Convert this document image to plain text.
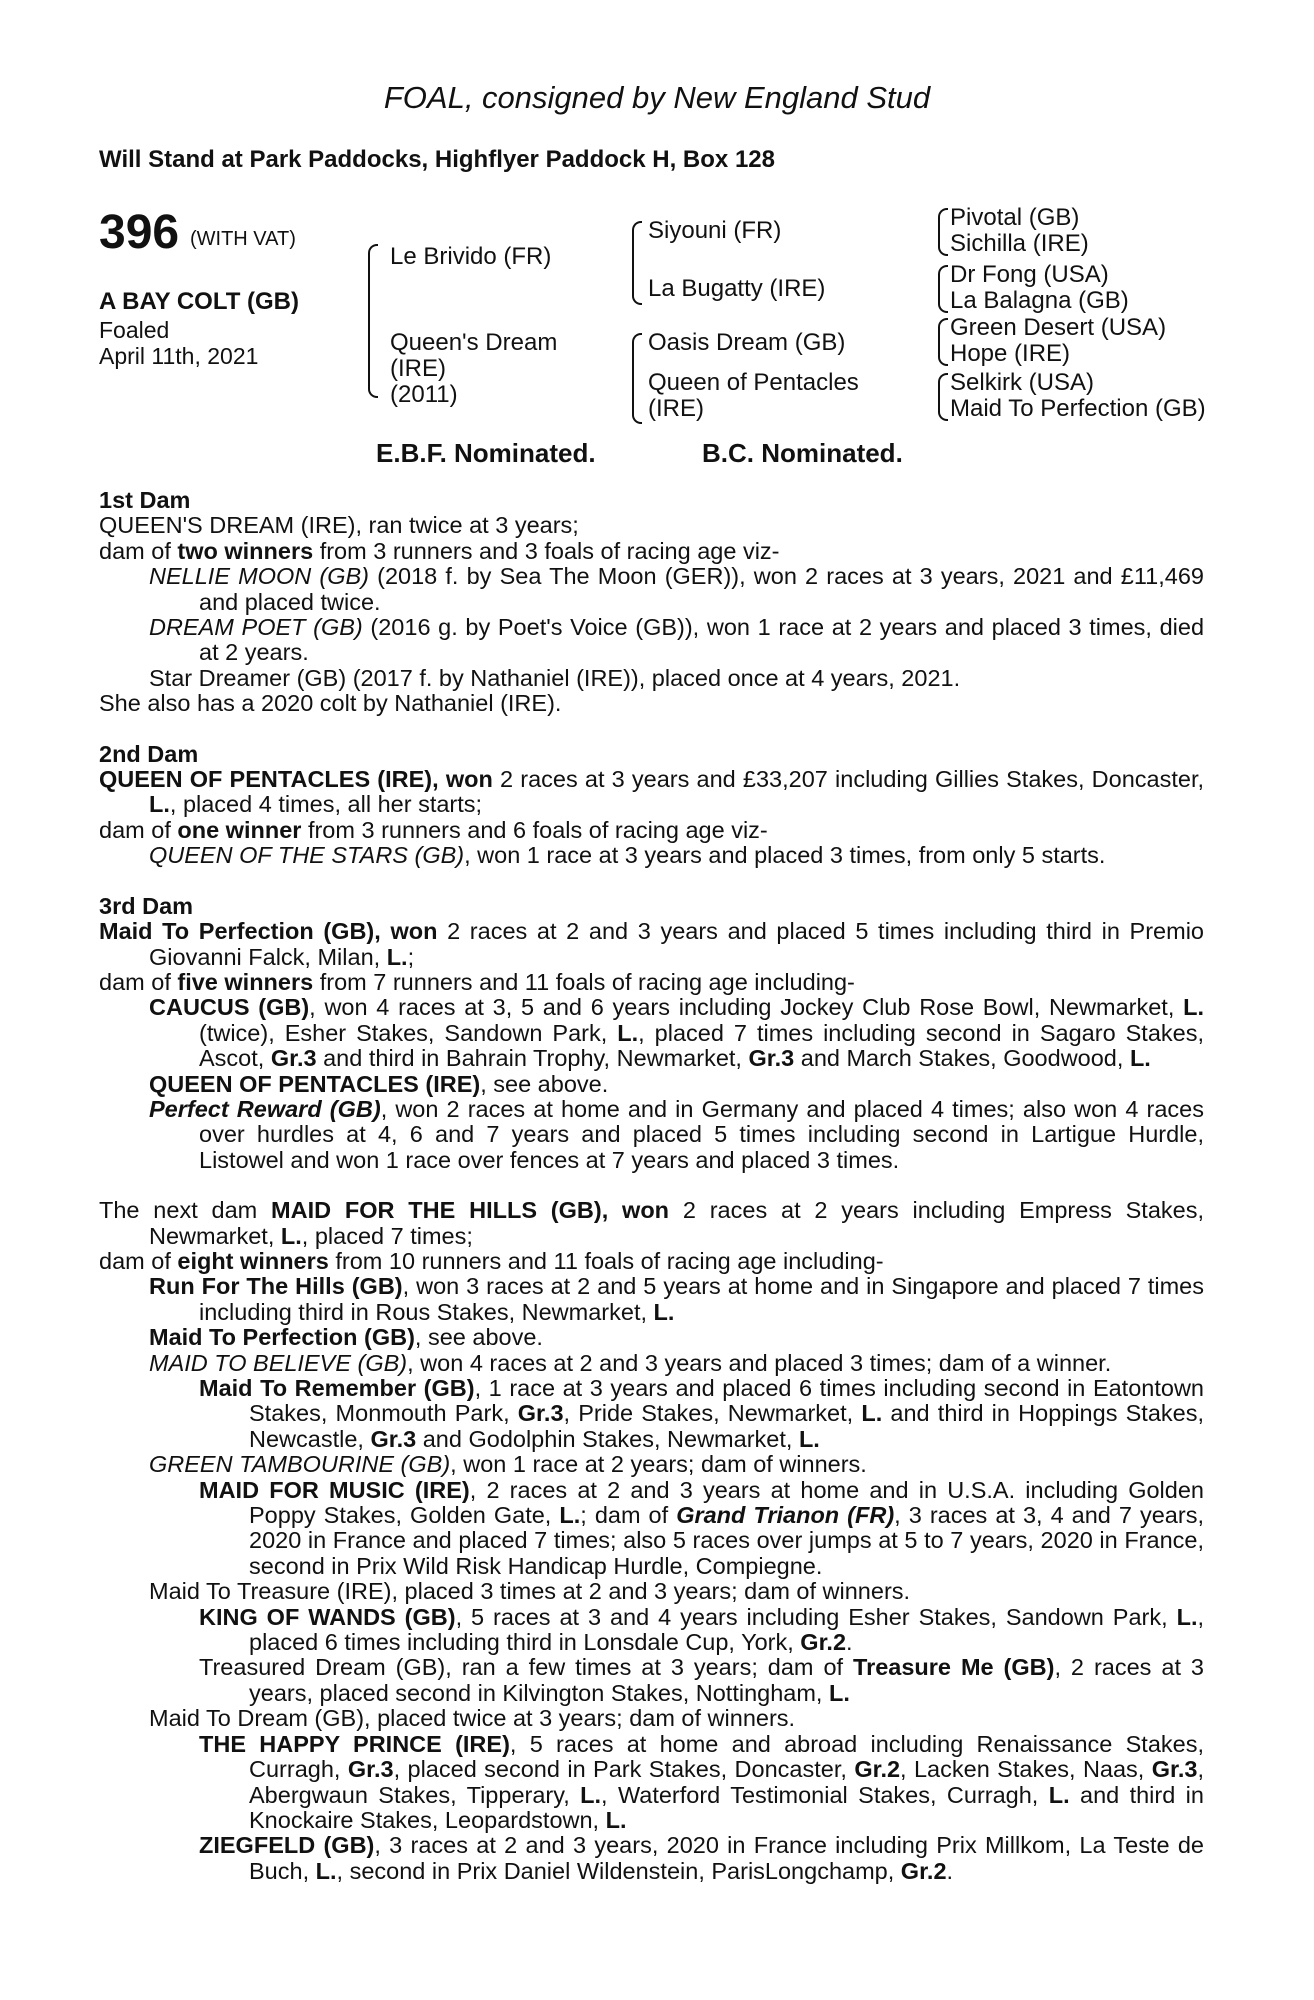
FOAL, consigned by New England Stud
Will Stand at Park Paddocks, Highflyer Paddock H, Box 128
396 (WITH VAT)
A BAY COLT (GB)
Foaled
April 11th, 2021
Le Brivido (FR)
Queen's Dream
(IRE)
(2011)
Siyouni (FR)
La Bugatty (IRE)
Oasis Dream (GB)
Queen of Pentacles
(IRE)
Pivotal (GB)
Sichilla (IRE)
Dr Fong (USA)
La Balagna (GB)
Green Desert (USA)
Hope (IRE)
Selkirk (USA)
Maid To Perfection (GB)
E.B.F. Nominated.	B.C. Nominated.
1st Dam
QUEEN'S DREAM (IRE), ran twice at 3 years;
dam of two winners from 3 runners and 3 foals of racing age viz-
NELLIE MOON (GB) (2018 f. by Sea The Moon (GER)), won 2 races at 3 years, 2021 and £11,469 and placed twice.
DREAM POET (GB) (2016 g. by Poet's Voice (GB)), won 1 race at 2 years and placed 3 times, died at 2 years.
Star Dreamer (GB) (2017 f. by Nathaniel (IRE)), placed once at 4 years, 2021.
She also has a 2020 colt by Nathaniel (IRE).
2nd Dam
QUEEN OF PENTACLES (IRE), won 2 races at 3 years and £33,207 including Gillies Stakes, Doncaster, L., placed 4 times, all her starts;
dam of one winner from 3 runners and 6 foals of racing age viz-
QUEEN OF THE STARS (GB), won 1 race at 3 years and placed 3 times, from only 5 starts.
3rd Dam
Maid To Perfection (GB), won 2 races at 2 and 3 years and placed 5 times including third in Premio Giovanni Falck, Milan, L.;
dam of five winners from 7 runners and 11 foals of racing age including-
CAUCUS (GB), won 4 races at 3, 5 and 6 years including Jockey Club Rose Bowl, Newmarket, L. (twice), Esher Stakes, Sandown Park, L., placed 7 times including second in Sagaro Stakes, Ascot, Gr.3 and third in Bahrain Trophy, Newmarket, Gr.3 and March Stakes, Goodwood, L.
QUEEN OF PENTACLES (IRE), see above.
Perfect Reward (GB), won 2 races at home and in Germany and placed 4 times; also won 4 races over hurdles at 4, 6 and 7 years and placed 5 times including second in Lartigue Hurdle, Listowel and won 1 race over fences at 7 years and placed 3 times.
The next dam MAID FOR THE HILLS (GB), won 2 races at 2 years including Empress Stakes, Newmarket, L., placed 7 times;
dam of eight winners from 10 runners and 11 foals of racing age including-
Run For The Hills (GB), won 3 races at 2 and 5 years at home and in Singapore and placed 7 times including third in Rous Stakes, Newmarket, L.
Maid To Perfection (GB), see above.
MAID TO BELIEVE (GB), won 4 races at 2 and 3 years and placed 3 times; dam of a winner.
Maid To Remember (GB), 1 race at 3 years and placed 6 times including second in Eatontown Stakes, Monmouth Park, Gr.3, Pride Stakes, Newmarket, L. and third in Hoppings Stakes, Newcastle, Gr.3 and Godolphin Stakes, Newmarket, L.
GREEN TAMBOURINE (GB), won 1 race at 2 years; dam of winners.
MAID FOR MUSIC (IRE), 2 races at 2 and 3 years at home and in U.S.A. including Golden Poppy Stakes, Golden Gate, L.; dam of Grand Trianon (FR), 3 races at 3, 4 and 7 years, 2020 in France and placed 7 times; also 5 races over jumps at 5 to 7 years, 2020 in France, second in Prix Wild Risk Handicap Hurdle, Compiegne.
Maid To Treasure (IRE), placed 3 times at 2 and 3 years; dam of winners.
KING OF WANDS (GB), 5 races at 3 and 4 years including Esher Stakes, Sandown Park, L., placed 6 times including third in Lonsdale Cup, York, Gr.2.
Treasured Dream (GB), ran a few times at 3 years; dam of Treasure Me (GB), 2 races at 3 years, placed second in Kilvington Stakes, Nottingham, L.
Maid To Dream (GB), placed twice at 3 years; dam of winners.
THE HAPPY PRINCE (IRE), 5 races at home and abroad including Renaissance Stakes, Curragh, Gr.3, placed second in Park Stakes, Doncaster, Gr.2, Lacken Stakes, Naas, Gr.3, Abergwaun Stakes, Tipperary, L., Waterford Testimonial Stakes, Curragh, L. and third in Knockaire Stakes, Leopardstown, L.
ZIEGFELD (GB), 3 races at 2 and 3 years, 2020 in France including Prix Millkom, La Teste de Buch, L., second in Prix Daniel Wildenstein, ParisLongchamp, Gr.2.
